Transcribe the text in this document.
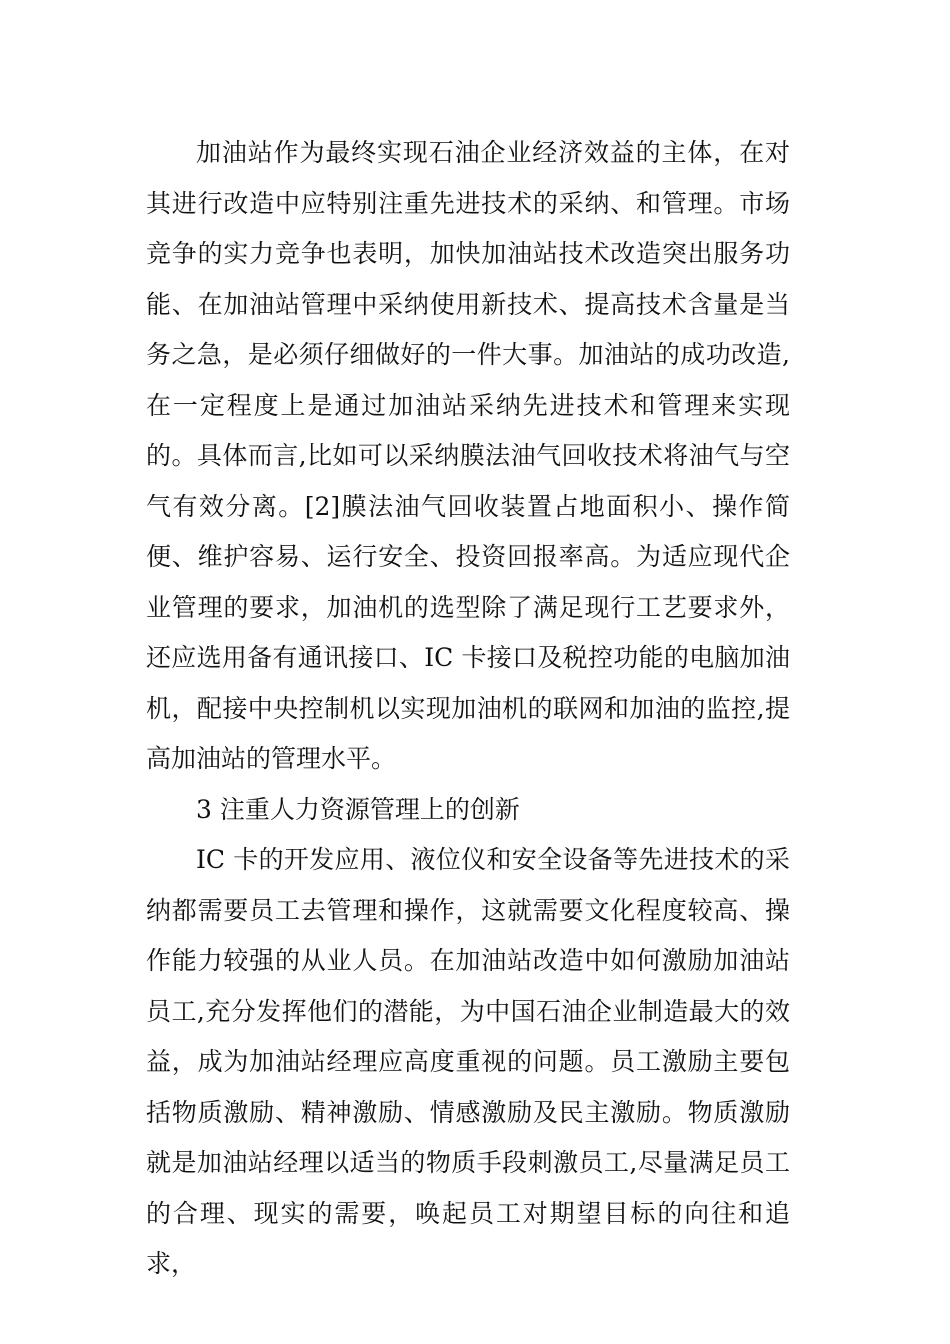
加油站作为最终实现石油企业经济效益的主体，在对其进行改造中应特别注重先进技术的采纳、和管理。市场竞争的实力竞争也表明，加快加油站技术改造突出服务功能、在加油站管理中采纳使用新技术、提高技术含量是当务之急，是必须仔细做好的一件大事。加油站的成功改造,在一定程度上是通过加油站采纳先进技术和管理来实现的。具体而言,比如可以采纳膜法油气回收技术将油气与空气有效分离。[2]膜法油气回收装置占地面积小、操作简便、维护容易、运行安全、投资回报率高。为适应现代企业管理的要求，加油机的选型除了满足现行工艺要求外，还应选用备有通讯接口、IC 卡接口及税控功能的电脑加油机，配接中央控制机以实现加油机的联网和加油的监控,提高加油站的管理水平。

3 注重人力资源管理上的创新

IC 卡的开发应用、液位仪和安全设备等先进技术的采纳都需要员工去管理和操作，这就需要文化程度较高、操作能力较强的从业人员。在加油站改造中如何激励加油站员工,充分发挥他们的潜能，为中国石油企业制造最大的效益，成为加油站经理应高度重视的问题。员工激励主要包括物质激励、精神激励、情感激励及民主激励。物质激励就是加油站经理以适当的物质手段刺激员工,尽量满足员工的合理、现实的需要，唤起员工对期望目标的向往和追求，
